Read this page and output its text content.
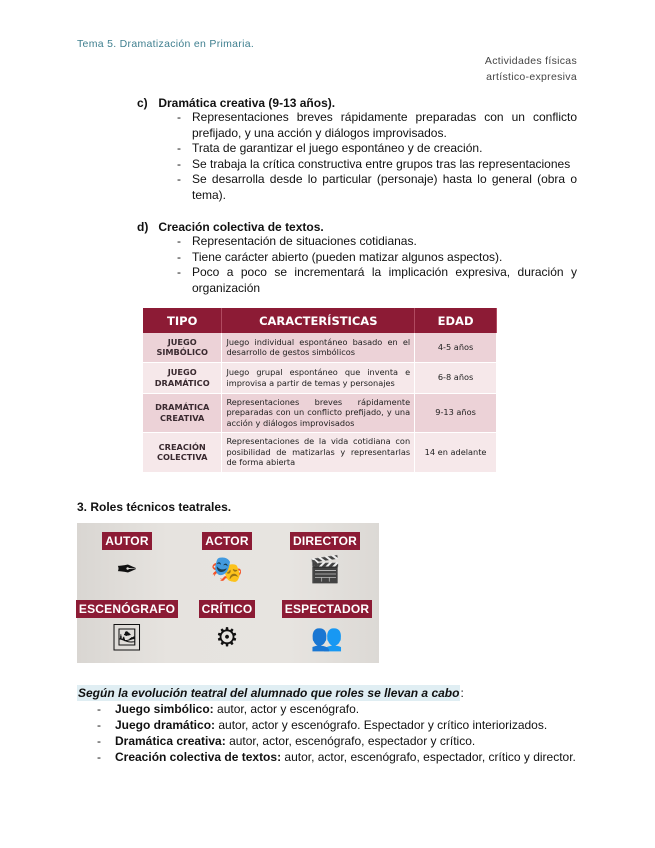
Tema 5. Dramatización en Primaria.
Actividades físicas
artístico-expresiva
c) Dramática creativa (9-13 años).
- Representaciones breves rápidamente preparadas con un conflicto prefijado, y una acción y diálogos improvisados.
- Trata de garantizar el juego espontáneo y de creación.
- Se trabaja la crítica constructiva entre grupos tras las representaciones
- Se desarrolla desde lo particular (personaje) hasta lo general (obra o tema).
d) Creación colectiva de textos.
- Representación de situaciones cotidianas.
- Tiene carácter abierto (pueden matizar algunos aspectos).
- Poco a poco se incrementará la implicación expresiva, duración y organización
TIPO	CARACTERÍSTICAS	EDAD
JUEGO SIMBÓLICO	Juego individual espontáneo basado en el desarrollo de gestos simbólicos	4-5 años
JUEGO DRAMÁTICO	Juego grupal espontáneo que inventa e improvisa a partir de temas y personajes	6-8 años
DRAMÁTICA CREATIVA	Representaciones breves rápidamente preparadas con un conflicto prefijado, y una acción y diálogos improvisados	9-13 años
CREACIÓN COLECTIVA	Representaciones de la vida cotidiana con posibilidad de matizarlas y representarlas de forma abierta	14 en adelante
3. Roles técnicos teatrales.
AUTOR
✒
ACTOR
🎭
DIRECTOR
🎬
ESCENÓGRAFO
🖼
CRÍTICO
⚙
ESPECTADOR
👥
Según la evolución teatral del alumnado que roles se llevan a cabo:
- Juego simbólico: autor, actor y escenógrafo.
- Juego dramático: autor, actor y escenógrafo. Espectador y crítico interiorizados.
- Dramática creativa: autor, actor, escenógrafo, espectador y crítico.
- Creación colectiva de textos: autor, actor, escenógrafo, espectador, crítico y director.
